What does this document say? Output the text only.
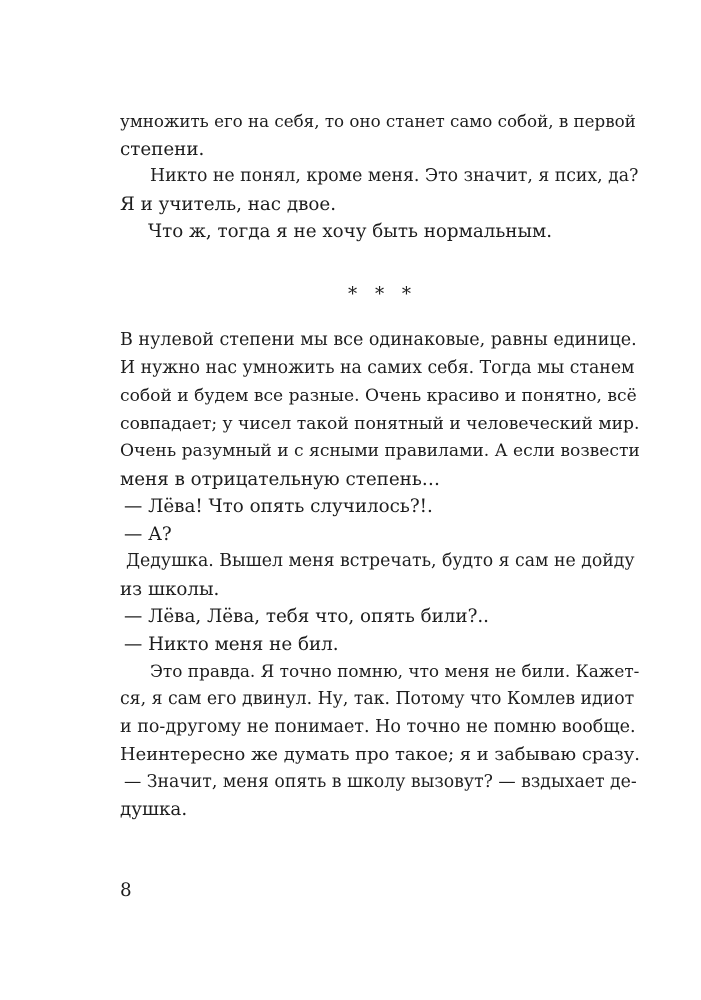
умножить его на себя, то оно станет само собой, в первой
степени.
Никто не понял, кроме меня. Это значит, я псих, да?
Я и учитель, нас двое.
Что ж, тогда я не хочу быть нормальным.
* * *
В нулевой степени мы все одинаковые, равны единице.
И нужно нас умножить на самих себя. Тогда мы станем
собой и будем все разные. Очень красиво и понятно, всё
совпадает; у чисел такой понятный и человеческий мир.
Очень разумный и с ясными правилами. А если возвести
меня в отрицательную степень…
— Лёва! Что опять случилось?!.
— А?
Дедушка. Вышел меня встречать, будто я сам не дойду
из школы.
— Лёва, Лёва, тебя что, опять били?..
— Никто меня не бил.
Это правда. Я точно помню, что меня не били. Кажет-
ся, я сам его двинул. Ну, так. Потому что Комлев идиот
и по-другому не понимает. Но точно не помню вообще.
Неинтересно же думать про такое; я и забываю сразу.
— Значит, меня опять в школу вызовут? — вздыхает де-
душка.
8
